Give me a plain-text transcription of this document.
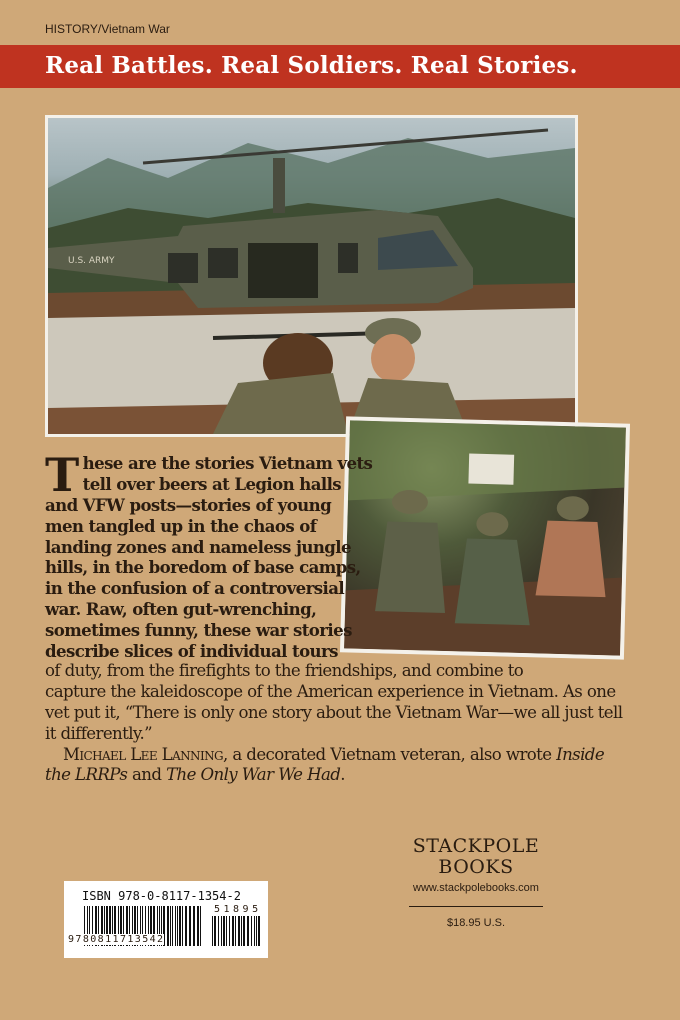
HISTORY/Vietnam War
Real Battles. Real Soldiers. Real Stories.
U.S. ARMY
T hese are the stories Vietnam vets
tell over beers at Legion halls
and VFW posts—stories of young
men tangled up in the chaos of
landing zones and nameless jungle
hills, in the boredom of base camps,
in the confusion of a controversial
war. Raw, often gut-wrenching,
sometimes funny, these war stories
describe slices of individual tours
of duty, from the firefights to the friendships, and combine to
capture the kaleidoscope of the American experience in Vietnam. As one
vet put it, “There is only one story about the Vietnam War—we all just tell
it differently.”
Michael Lee Lanning, a decorated Vietnam veteran, also wrote Inside
the LRRPs and The Only War We Had.
STACKPOLE
BOOKS
www.stackpolebooks.com
$18.95 U.S.
ISBN 978-0-8117-1354-2
9780811713542
51895
